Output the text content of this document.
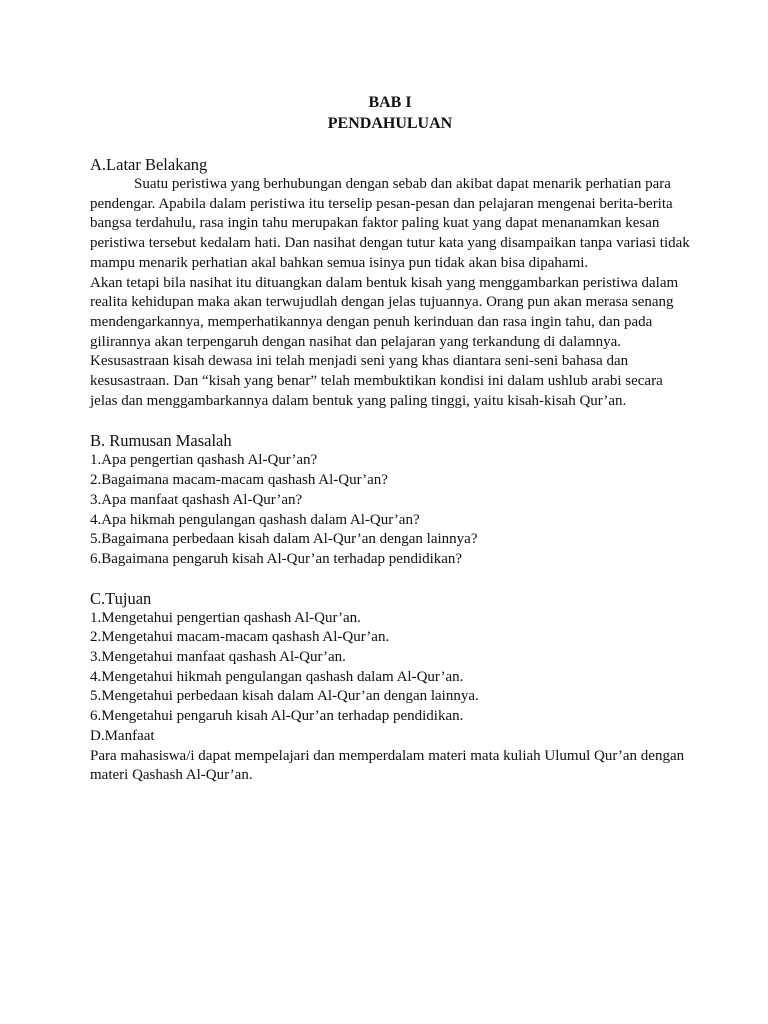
BAB I
PENDAHULUAN
A.Latar Belakang

Suatu peristiwa yang berhubungan dengan sebab dan akibat dapat menarik perhatian para pendengar. Apabila dalam peristiwa itu terselip pesan-pesan dan pelajaran mengenai berita-berita bangsa terdahulu, rasa ingin tahu merupakan faktor paling kuat yang dapat menanamkan kesan peristiwa tersebut kedalam hati. Dan nasihat dengan tutur kata yang disampaikan tanpa variasi tidak mampu menarik perhatian akal bahkan semua isinya pun tidak akan bisa dipahami.

Akan tetapi bila nasihat itu dituangkan dalam bentuk kisah yang menggambarkan peristiwa dalam realita kehidupan maka akan terwujudlah dengan jelas tujuannya. Orang pun akan merasa senang mendengarkannya, memperhatikannya dengan penuh kerinduan dan rasa ingin tahu, dan pada gilirannya akan terpengaruh dengan nasihat dan pelajaran yang terkandung di dalamnya.

Kesusastraan kisah dewasa ini telah menjadi seni yang khas diantara seni-seni bahasa dan kesusastraan. Dan “kisah yang benar” telah membuktikan kondisi ini dalam ushlub arabi secara jelas dan menggambarkannya dalam bentuk yang paling tinggi, yaitu kisah-kisah Qur’an.

B. Rumusan Masalah
1.Apa pengertian qashash Al-Qur’an?
2.Bagaimana macam-macam qashash Al-Qur’an?
3.Apa manfaat qashash Al-Qur’an?
4.Apa hikmah pengulangan qashash dalam Al-Qur’an?
5.Bagaimana perbedaan kisah dalam Al-Qur’an dengan lainnya?
6.Bagaimana pengaruh kisah Al-Qur’an terhadap pendidikan?
C.Tujuan
1.Mengetahui pengertian qashash Al-Qur’an.
2.Mengetahui macam-macam qashash Al-Qur’an.
3.Mengetahui manfaat qashash Al-Qur’an.
4.Mengetahui hikmah pengulangan qashash dalam Al-Qur’an.
5.Mengetahui perbedaan kisah dalam Al-Qur’an dengan lainnya.
6.Mengetahui pengaruh kisah Al-Qur’an terhadap pendidikan.
D.Manfaat

Para mahasiswa/i dapat mempelajari dan memperdalam materi mata kuliah Ulumul Qur’an dengan materi Qashash Al-Qur’an.
